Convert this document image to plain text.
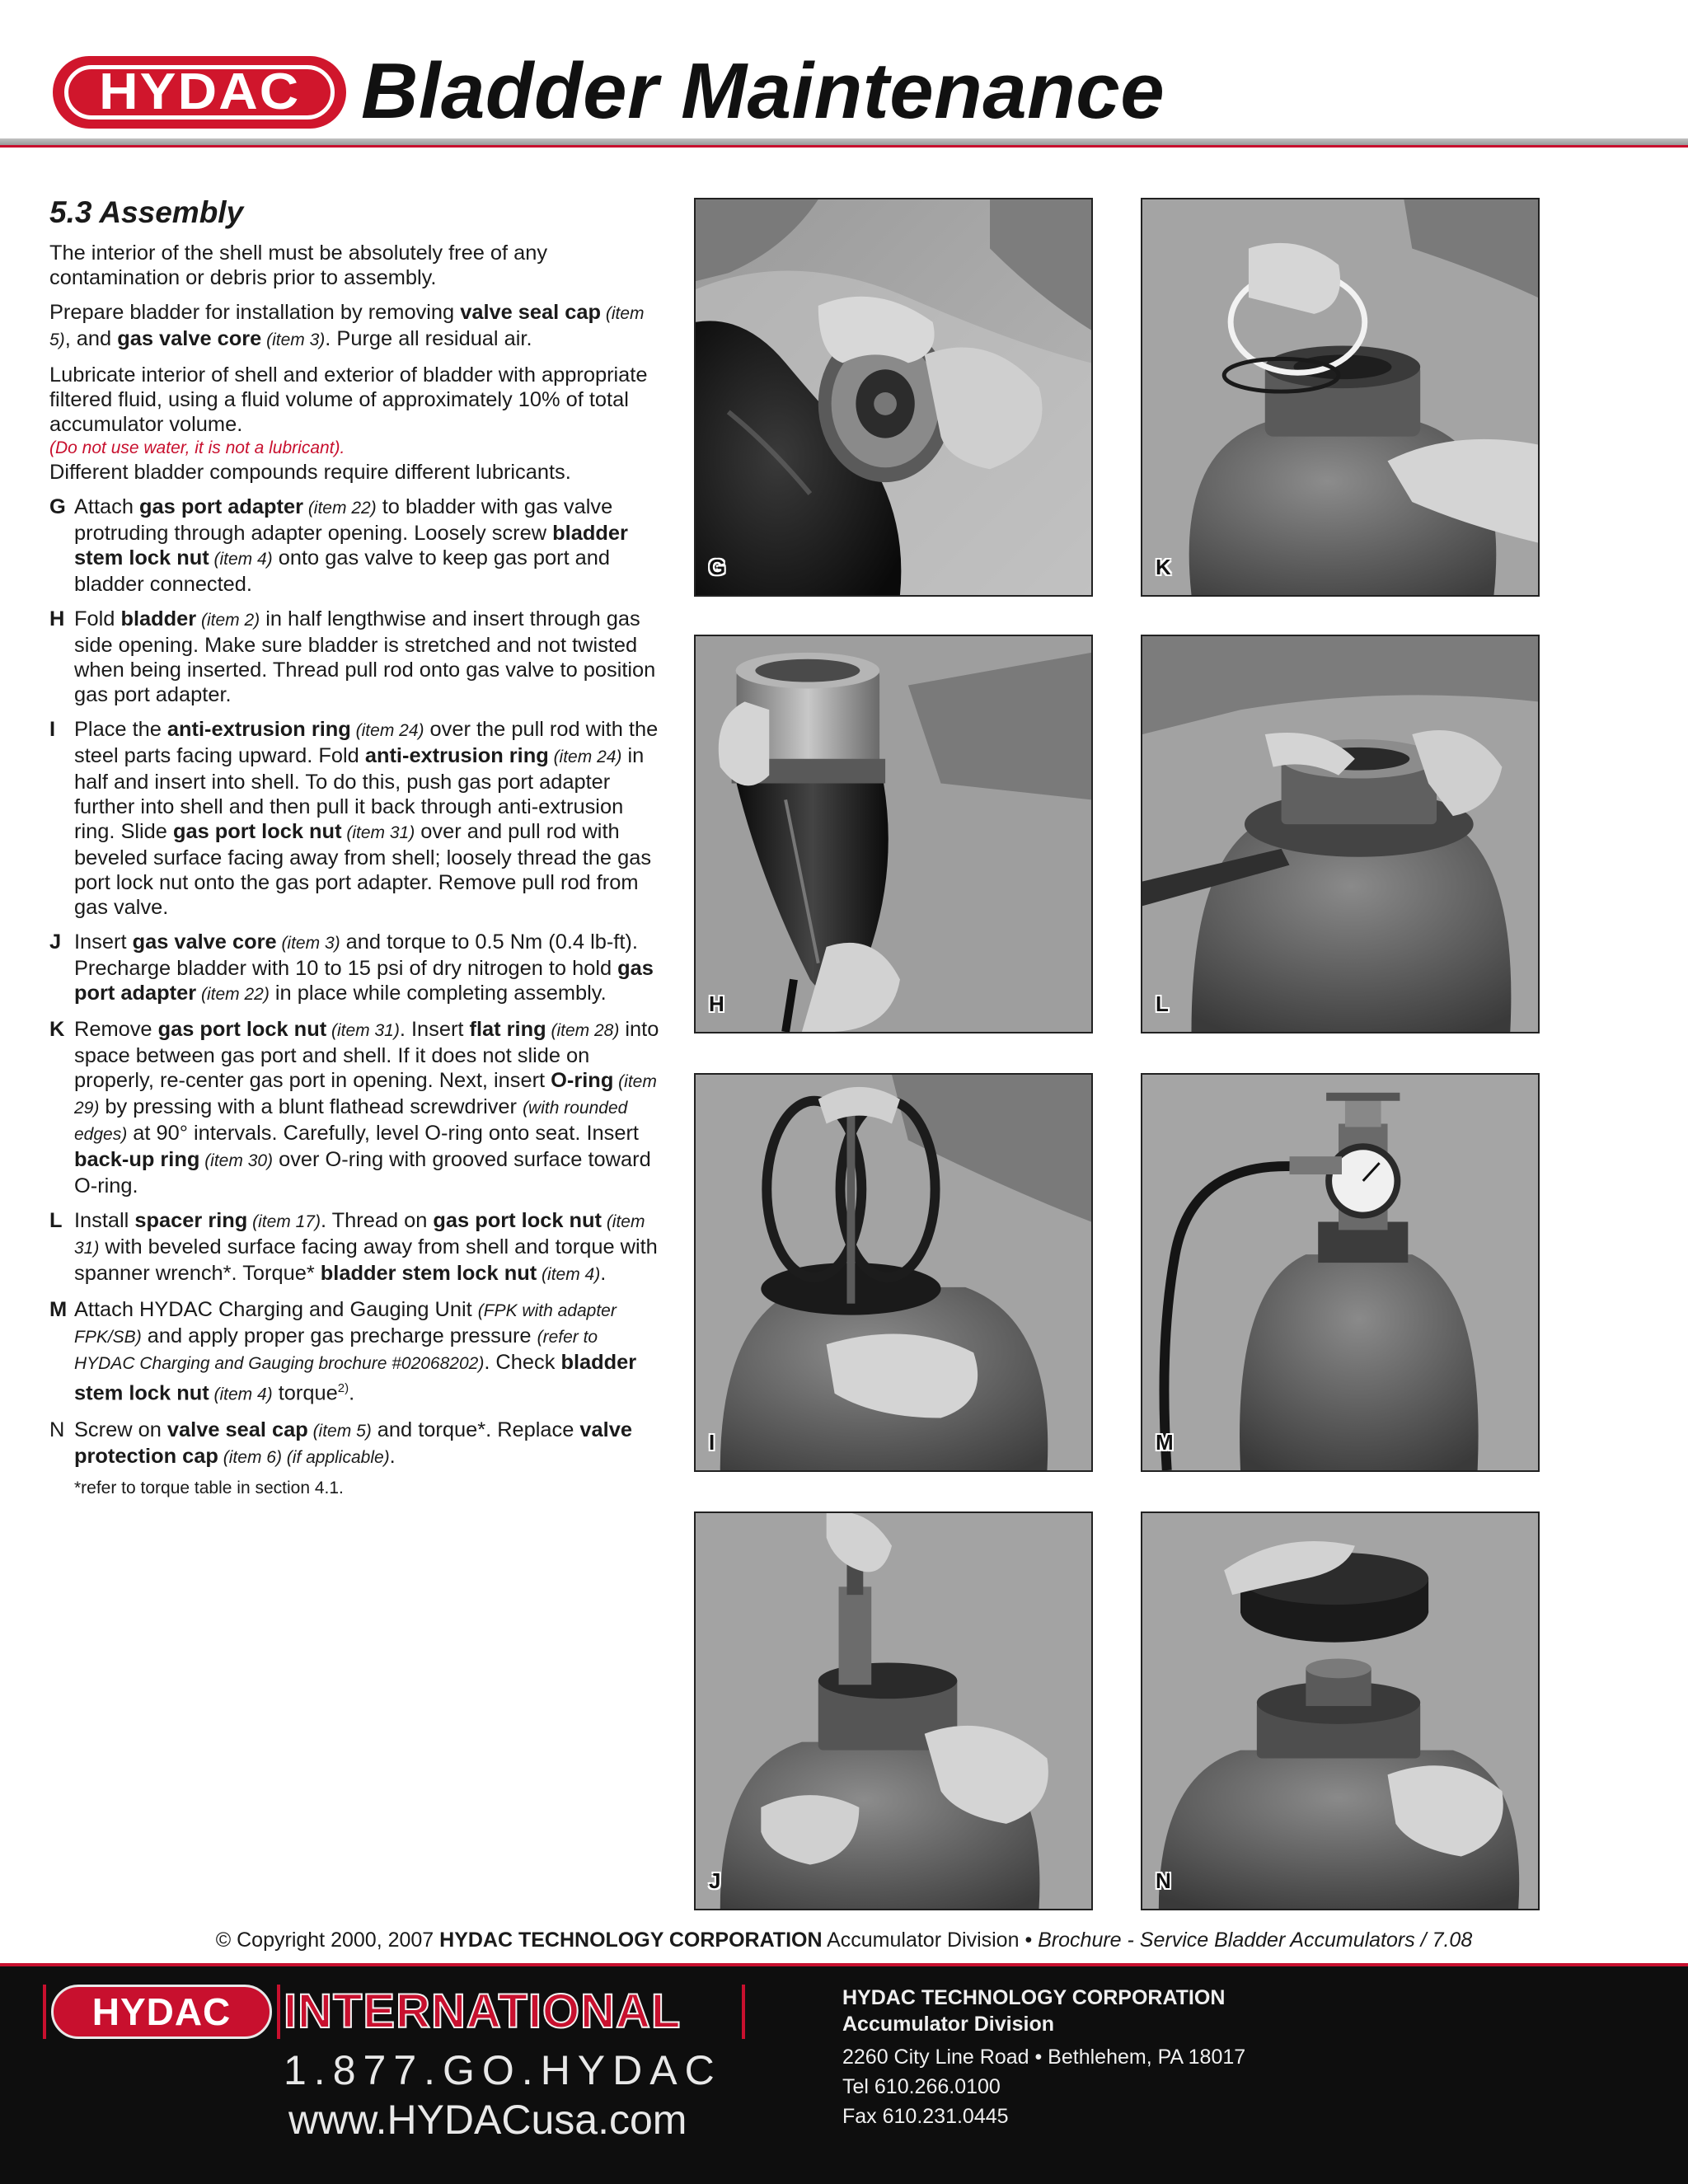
HYDAC Bladder Maintenance
5.3 Assembly

The interior of the shell must be absolutely free of any contamination or debris prior to assembly.

Prepare bladder for installation by removing valve seal cap (item 5), and gas valve core (item 3). Purge all residual air.

Lubricate interior of shell and exterior of bladder with appropriate filtered fluid, using a fluid volume of approximately 10% of total accumulator volume.
(Do not use water, it is not a lubricant).
Different bladder compounds require different lubricants.

G Attach gas port adapter (item 22) to bladder with gas valve protruding through adapter opening. Loosely screw bladder stem lock nut (item 4) onto gas valve to keep gas port and bladder connected.
H Fold bladder (item 2) in half lengthwise and insert through gas side opening. Make sure bladder is stretched and not twisted when being inserted. Thread pull rod onto gas valve to position gas port adapter.
I Place the anti-extrusion ring (item 24) over the pull rod with the steel parts facing upward. Fold anti-extrusion ring (item 24) in half and insert into shell. To do this, push gas port adapter further into shell and then pull it back through anti-extrusion ring. Slide gas port lock nut (item 31) over and pull rod with beveled surface facing away from shell; loosely thread the gas port lock nut onto the gas port adapter. Remove pull rod from gas valve.
J Insert gas valve core (item 3) and torque to 0.5 Nm (0.4 lb-ft). Precharge bladder with 10 to 15 psi of dry nitrogen to hold gas port adapter (item 22) in place while completing assembly.
K Remove gas port lock nut (item 31). Insert flat ring (item 28) into space between gas port and shell. If it does not slide on properly, re-center gas port in opening. Next, insert O-ring (item 29) by pressing with a blunt flathead screwdriver (with rounded edges) at 90° intervals. Carefully, level O-ring onto seat. Insert back-up ring (item 30) over O-ring with grooved surface toward O-ring.
L Install spacer ring (item 17). Thread on gas port lock nut (item 31) with beveled surface facing away from shell and torque with spanner wrench*. Torque* bladder stem lock nut (item 4).
M Attach HYDAC Charging and Gauging Unit (FPK with adapter FPK/SB) and apply proper gas precharge pressure (refer to HYDAC Charging and Gauging brochure #02068202). Check bladder stem lock nut (item 4) torque$^{2)}$.
N Screw on valve seal cap (item 5) and torque*. Replace valve protection cap (item 6) (if applicable).

*refer to torque table in section 4.1.

G	K
H	L
I	M
J	N
© Copyright 2000, 2007 HYDAC TECHNOLOGY CORPORATION Accumulator Division • Brochure - Service Bladder Accumulators / 7.08
HYDAC INTERNATIONAL
1.877.GO.HYDAC
www.HYDACusa.com
HYDAC TECHNOLOGY CORPORATION
Accumulator Division
2260 City Line Road • Bethlehem, PA 18017
Tel 610.266.0100
Fax 610.231.0445
